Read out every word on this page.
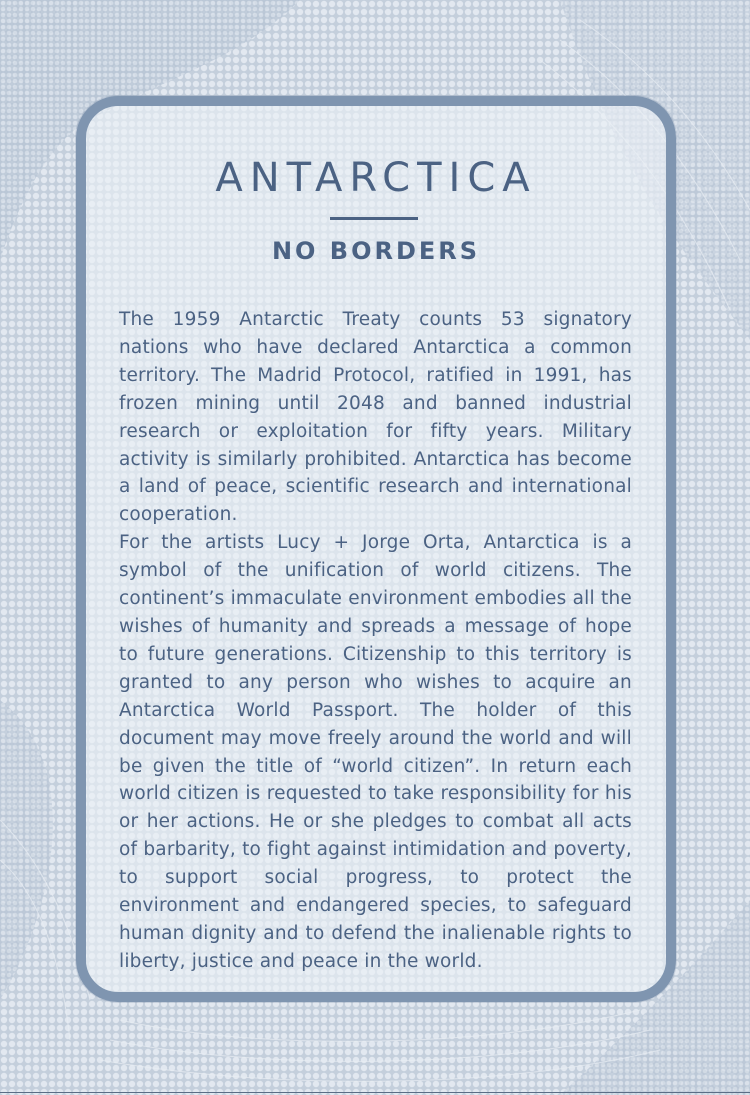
ANTARCTICA
NO BORDERS

The 1959 Antarctic Treaty counts 53 signatory nations who have declared Antarctica a common territory. The Madrid Protocol, ratified in 1991, has frozen mining until 2048 and banned industrial research or exploitation for fifty years. Military activity is similarly prohibited. Antarctica has become a land of peace, scientific research and international cooperation.

For the artists Lucy + Jorge Orta, Antarctica is a symbol of the unification of world citizens. The continent’s immaculate environment embodies all the wishes of humanity and spreads a message of hope to future generations. Citizenship to this territory is granted to any person who wishes to acquire an Antarctica World Passport. The holder of this document may move freely around the world and will be given the title of “world citizen”. In return each world citizen is requested to take responsibility for his or her actions. He or she pledges to combat all acts of barbarity, to fight against intimidation and poverty, to support social progress, to protect the environment and endangered species, to safeguard human dignity and to defend the inalienable rights to liberty, justice and peace in the world.
